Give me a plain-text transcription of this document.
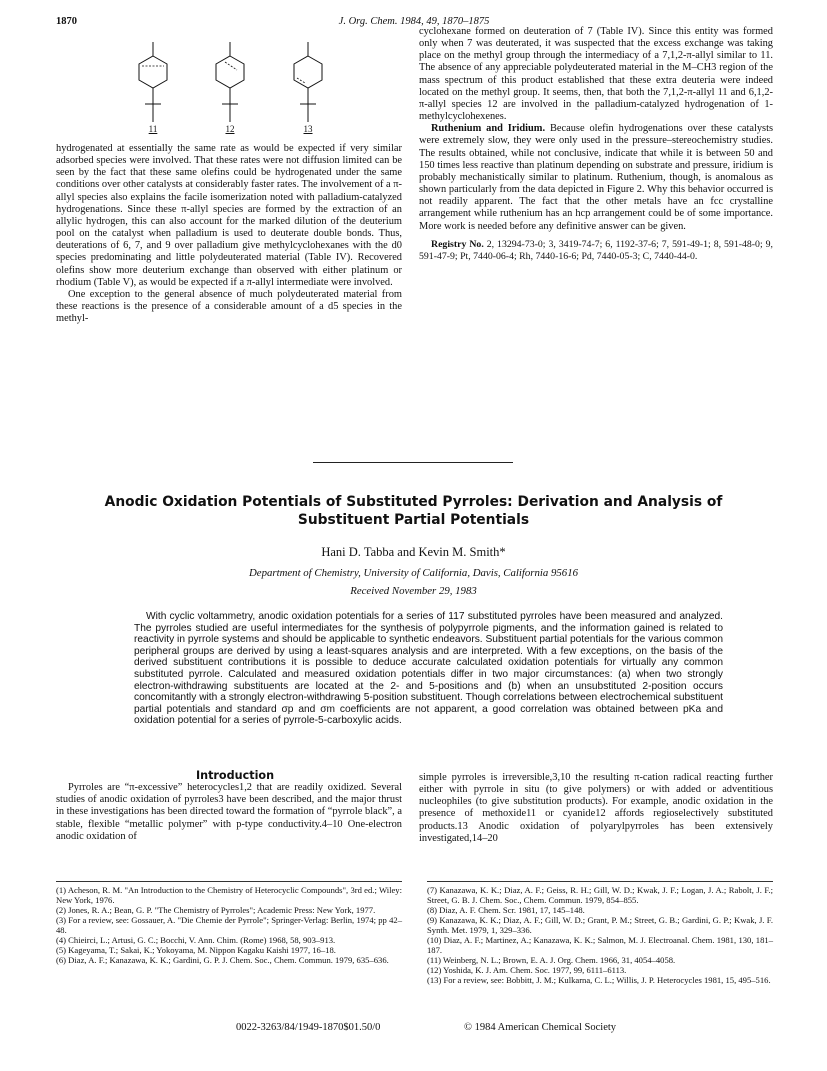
1870	J. Org. Chem. 1984, 49, 1870–1875
11	12	13

hydrogenated at essentially the same rate as would be expected if very similar adsorbed species were involved. That these rates were not diffusion limited can be seen by the fact that these same olefins could be hydrogenated under the same conditions over other catalysts at considerably faster rates. The involvement of a π-allyl species also explains the facile isomerization noted with palladium-catalyzed hydrogenations. Since these π-allyl species are formed by the extraction of an allylic hydrogen, this can also account for the marked dilution of the deuterium pool on the catalyst when palladium is used to deuterate double bonds. Thus, deuterations of 6, 7, and 9 over palladium give methylcyclohexanes with the d0 species predominating and little polydeuterated material (Table IV). Recovered olefins show more deuterium exchange than observed with either platinum or rhodium (Table V), as would be expected if a π-allyl intermediate were involved.

One exception to the general absence of much polydeuterated material from these reactions is the presence of a considerable amount of a d5 species in the methyl-

cyclohexane formed on deuteration of 7 (Table IV). Since this entity was formed only when 7 was deuterated, it was suspected that the excess exchange was taking place on the methyl group through the intermediacy of a 7,1,2-π-allyl similar to 11. The absence of any appreciable polydeuterated material in the M–CH3 region of the mass spectrum of this product established that these extra deuteria were indeed located on the methyl group. It seems, then, that both the 7,1,2-π-allyl 11 and 6,1,2-π-allyl species 12 are involved in the palladium-catalyzed hydrogenation of 1-methylcyclohexenes.

Ruthenium and Iridium. Because olefin hydrogenations over these catalysts were extremely slow, they were only used in the pressure–stereochemistry studies. The results obtained, while not conclusive, indicate that while it is between 50 and 150 times less reactive than platinum depending on substrate and pressure, iridium is probably mechanistically similar to platinum. Ruthenium, though, is anomalous as shown particularly from the data depicted in Figure 2. Why this behavior occurred is not readily apparent. The fact that the other metals have an fcc crystalline arrangement while ruthenium has an hcp arrangement could be of some importance. More work is needed before any definitive answer can be given.

Registry No. 2, 13294-73-0; 3, 3419-74-7; 6, 1192-37-6; 7, 591-49-1; 8, 591-48-0; 9, 591-47-9; Pt, 7440-06-4; Rh, 7440-16-6; Pd, 7440-05-3; C, 7440-44-0.

Anodic Oxidation Potentials of Substituted Pyrroles: Derivation and Analysis of Substituent Partial Potentials
Hani D. Tabba and Kevin M. Smith*
Department of Chemistry, University of California, Davis, California 95616
Received November 29, 1983

With cyclic voltammetry, anodic oxidation potentials for a series of 117 substituted pyrroles have been measured and analyzed. The pyrroles studied are useful intermediates for the synthesis of polypyrrole pigments, and the information gained is related to reactivity in pyrrole systems and should be applicable to synthetic endeavors. Substituent partial potentials for the various common peripheral groups are derived by using a least-squares analysis and are interpreted. With a few exceptions, on the basis of the derived substituent contributions it is possible to deduce accurate calculated oxidation potentials for virtually any common substituted pyrrole. Calculated and measured oxidation potentials differ in two major circumstances: (a) when two strongly electron-withdrawing substituents are located at the 2- and 5-positions and (b) when an unsubstituted 2-position occurs concomitantly with a strongly electron-withdrawing 5-position substituent. Though correlations between electrochemical substituent partial potentials and standard σp and σm coefficients are not apparent, a good correlation was obtained between pKa and oxidation potential for a series of pyrrole-5-carboxylic acids.

Introduction

Pyrroles are “π-excessive” heterocycles1,2 that are readily oxidized. Several studies of anodic oxidation of pyrroles3 have been described, and the major thrust in these investigations has been directed toward the formation of “pyrrole black”, a stable, flexible “metallic polymer” with p-type conductivity.4–10 One-electron anodic oxidation of

simple pyrroles is irreversible,3,10 the resulting π-cation radical reacting further either with pyrrole in situ (to give polymers) or with added or adventitious nucleophiles (to give substitution products). For example, anodic oxidation in the presence of methoxide11 or cyanide12 affords regioselectively substituted products.13 Anodic oxidation of polyarylpyrroles has been extensively investigated,14–20

(1) Acheson, R. M. "An Introduction to the Chemistry of Heterocyclic Compounds", 3rd ed.; Wiley: New York, 1976.

(2) Jones, R. A.; Bean, G. P. "The Chemistry of Pyrroles"; Academic Press: New York, 1977.

(3) For a review, see: Gossauer, A. "Die Chemie der Pyrrole"; Springer-Verlag: Berlin, 1974; pp 42–48.

(4) Chieirci, L.; Artusi, G. C.; Bocchi, V. Ann. Chim. (Rome) 1968, 58, 903–913.

(5) Kageyama, T.; Sakai, K.; Yokoyama, M. Nippon Kagaku Kaishi 1977, 16–18.

(6) Diaz, A. F.; Kanazawa, K. K.; Gardini, G. P. J. Chem. Soc., Chem. Commun. 1979, 635–636.

(7) Kanazawa, K. K.; Diaz, A. F.; Geiss, R. H.; Gill, W. D.; Kwak, J. F.; Logan, J. A.; Rabolt, J. F.; Street, G. B. J. Chem. Soc., Chem. Commun. 1979, 854–855.

(8) Diaz, A. F. Chem. Scr. 1981, 17, 145–148.

(9) Kanazawa, K. K.; Diaz, A. F.; Gill, W. D.; Grant, P. M.; Street, G. B.; Gardini, G. P.; Kwak, J. F. Synth. Met. 1979, 1, 329–336.

(10) Diaz, A. F.; Martinez, A.; Kanazawa, K. K.; Salmon, M. J. Electroanal. Chem. 1981, 130, 181–187.

(11) Weinberg, N. L.; Brown, E. A. J. Org. Chem. 1966, 31, 4054–4058.

(12) Yoshida, K. J. Am. Chem. Soc. 1977, 99, 6111–6113.

(13) For a review, see: Bobbitt, J. M.; Kulkarna, C. L.; Willis, J. P. Heterocycles 1981, 15, 495–516.

0022-3263/84/1949-1870$01.50/0	© 1984 American Chemical Society
